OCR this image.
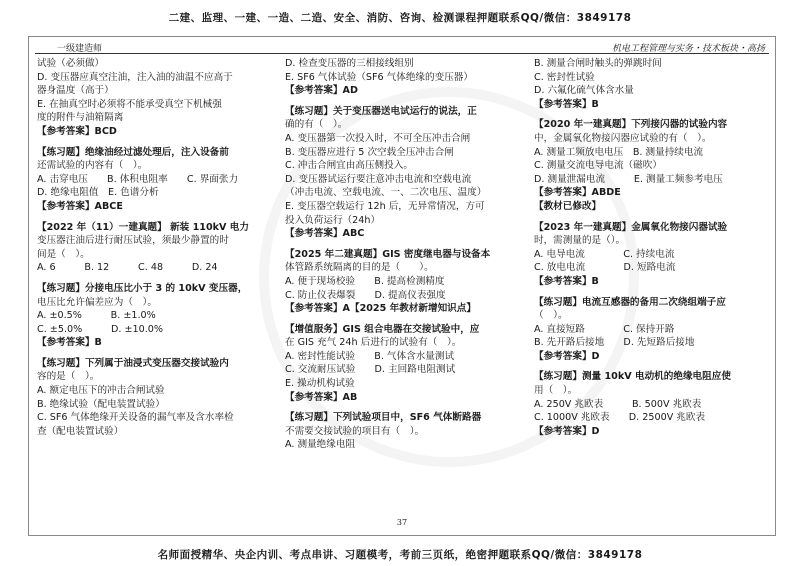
二建、监理、一建、一造、二造、安全、消防、咨询、检测课程押题联系QQ/微信：3849178
一级建造师	机电工程管理与实务・技术板块・高扬
试验（必须做）
D. 变压器应真空注油，注入油的油温不应高于
器身温度（高于）
E. 在抽真空时必须将不能承受真空下机械强
度的附件与油箱隔离
【参考答案】BCD
【练习题】绝缘油经过滤处理后，注入设备前
还需试验的内容有（　）。
A. 击穿电压　　B. 体积电阻率　　C. 界面张力
D. 绝缘电阻值　E. 色谱分析
【参考答案】ABCE
【2022 年（11）一建真题】 新装 110kV 电力
变压器注油后进行耐压试验，须最少静置的时
间是（　）。
A. 6　　　B. 12　　　C. 48　　　D. 24
【练习题】分接电压比小于 3 的 10kV 变压器，
电压比允许偏差应为（　）。
A. ±0.5%　　　B. ±1.0%
C. ±5.0%　　　D. ±10.0%
【参考答案】B
【练习题】下列属于油浸式变压器交接试验内
容的是（　）。
A. 额定电压下的冲击合闸试验
B. 绝缘试验（配电装置试验）
C. SF6 气体绝缘开关设备的漏气率及含水率检
查（配电装置试验）
D. 检查变压器的三相接线组别
E. SF6 气体试验（SF6 气体绝缘的变压器）
【参考答案】AD
【练习题】关于变压器送电试运行的说法，正
确的有（　）。
A. 变压器第一次投入时，不可全压冲击合闸
B. 变压器应进行 5 次空载全压冲击合闸
C. 冲击合闸宜由高压侧投入。
D. 变压器试运行要注意冲击电流和空载电流
（冲击电流、空载电流、一、二次电压、温度）
E. 变压器空载运行 12h 后，无异常情况，方可
投入负荷运行（24h）
【参考答案】ABC
【2025 年二建真题】GIS 密度继电器与设备本
体管路系统隔离的目的是（　　）。
A. 便于现场校验　　B. 提高检测精度
C. 防止仪表爆裂　　D. 提高仪表强度
【参考答案】A【2025 年教材新增知识点】
【增值服务】GIS 组合电器在交接试验中，应
在 GIS 充气 24h 后进行的试验有（　）。
A. 密封性能试验　　B. 气体含水量测试
C. 交流耐压试验　　D. 主回路电阻测试
E. 操动机构试验
【参考答案】AB
【练习题】下列试验项目中，SF6 气体断路器
不需要交接试验的项目有（　）。
A. 测量绝缘电阻
B. 测量合闸时触头的弹跳时间
C. 密封性试验
D. 六氟化硫气体含水量
【参考答案】B
【2020 年一建真题】下列接闪器的试验内容
中，金属氧化物接闪器应试验的有（　）。
A. 测量工频放电电压　B. 测量持续电流
C. 测量交流电导电流（磁吹）
D. 测量泄漏电流　　　E. 测量工频参考电压
【参考答案】ABDE
【教材已修改】
【2023 年一建真题】金属氧化物接闪器试验
时，需测量的是（）。
A. 电导电流　　　　C. 持续电流
C. 放电电流　　　　D. 短路电流
【参考答案】B
【练习题】电流互感器的备用二次绕组端子应
（　）。
A. 直接短路　　　　C. 保持开路
B. 先开路后接地　　D. 先短路后接地
【参考答案】D
【练习题】测量 10kV 电动机的绝缘电阻应使
用（　）。
A. 250V 兆欧表　　　B. 500V 兆欧表
C. 1000V 兆欧表　　D. 2500V 兆欧表
【参考答案】D
37
名师面授精华、央企内训、考点串讲、习题模考，考前三页纸，绝密押题联系QQ/微信：3849178
